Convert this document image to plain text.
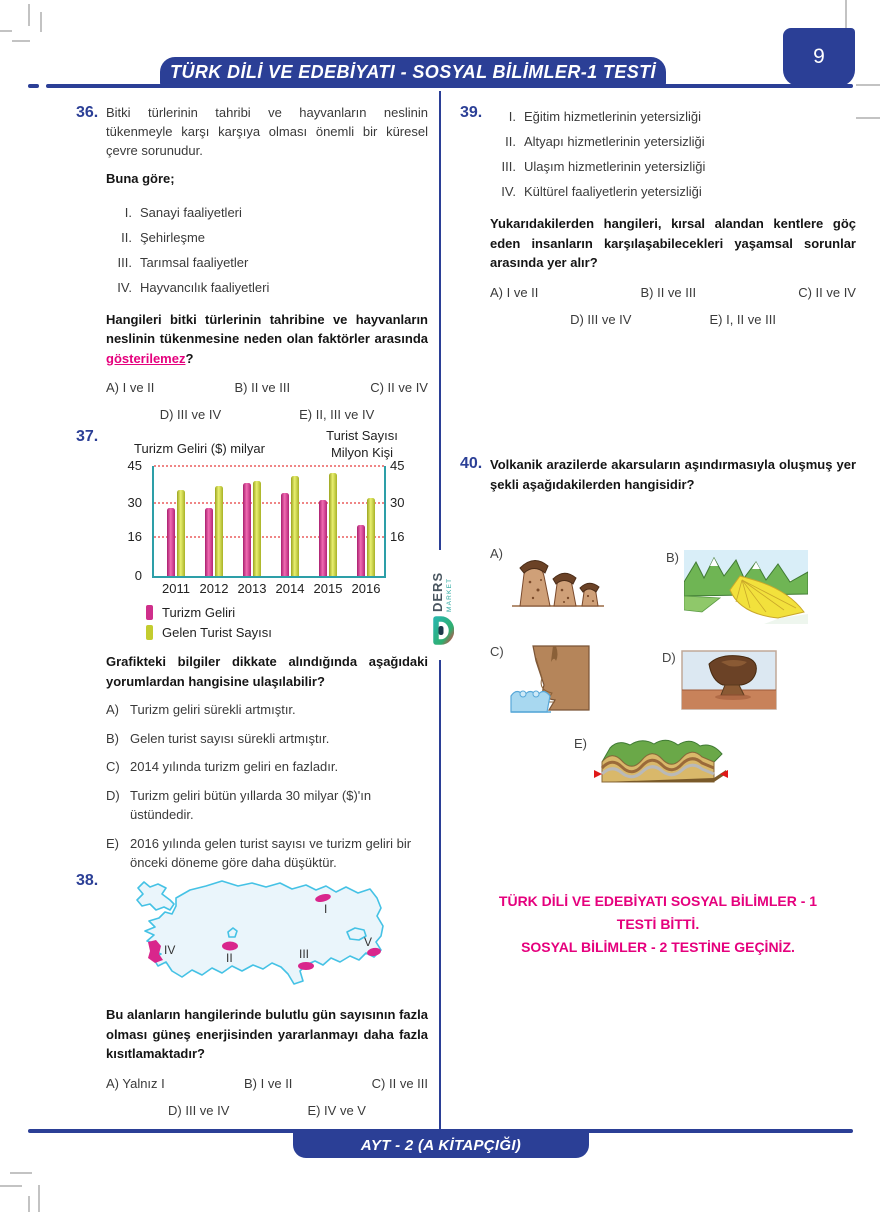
TÜRK DİLİ VE EDEBİYATI - SOSYAL BİLİMLER-1 TESTİ
9
DERS MARKET
AYT - 2 (A KİTAPÇIĞI)
36. Bitki türlerinin tahribi ve hayvanların neslinin tükenmeyle karşı karşıya olması önemli bir küresel çevre sorunudur.

Buna göre;

I. Sanayi faaliyetleri
II. Şehirleşme
III. Tarımsal faaliyetler
IV. Hayvancılık faaliyetleri

Hangileri bitki türlerinin tahribine ve hayvanların neslinin tükenmesine neden olan faktörler arasında gösterilemez?

A) I ve II	B) II ve III	C) II ve IV
D) III ve IV	E) II, III ve IV
37.
Turizm Geliri ($) milyar
Turist Sayısı
Milyon Kişi
45
30
16
0
45
30
16
2011 2012 2013 2014 2015 2016
Turizm Geliri
Gelen Turist Sayısı

Grafikteki bilgiler dikkate alındığında aşağıdaki yorumlardan hangisine ulaşılabilir?

A) Turizm geliri sürekli artmıştır.
B) Gelen turist sayısı sürekli artmıştır.
C) 2014 yılında turizm geliri en fazladır.
D) Turizm geliri bütün yıllarda 30 milyar ($)'ın üstündedir.
E) 2016 yılında gelen turist sayısı ve turizm geliri bir önceki döneme göre daha düşüktür.
38.
I
II	III
IV
V

Bu alanların hangilerinde bulutlu gün sayısının fazla olması güneş enerjisinden yararlanmayı daha fazla kısıtlamaktadır?

A) Yalnız I	B) I ve II	C) II ve III
D) III ve IV	E) IV ve V
39.	I. Eğitim hizmetlerinin yetersizliği
II. Altyapı hizmetlerinin yetersizliği
III. Ulaşım hizmetlerinin yetersizliği
IV. Kültürel faaliyetlerin yetersizliği

Yukarıdakilerden hangileri, kırsal alandan kentlere göç eden insanların karşılaşabilecekleri yaşamsal sorunlar arasında yer alır?

A) I ve II	B) II ve III	C) II ve IV
D) III ve IV	E) I, II ve III
40. Volkanik arazilerde akarsuların aşındırmasıyla oluşmuş yer şekli aşağıdakilerden hangisidir?

A)	B)
C)	D)
E)
TÜRK DİLİ VE EDEBİYATI SOSYAL BİLİMLER - 1
TESTİ BİTTİ.
SOSYAL BİLİMLER - 2 TESTİNE GEÇİNİZ.
